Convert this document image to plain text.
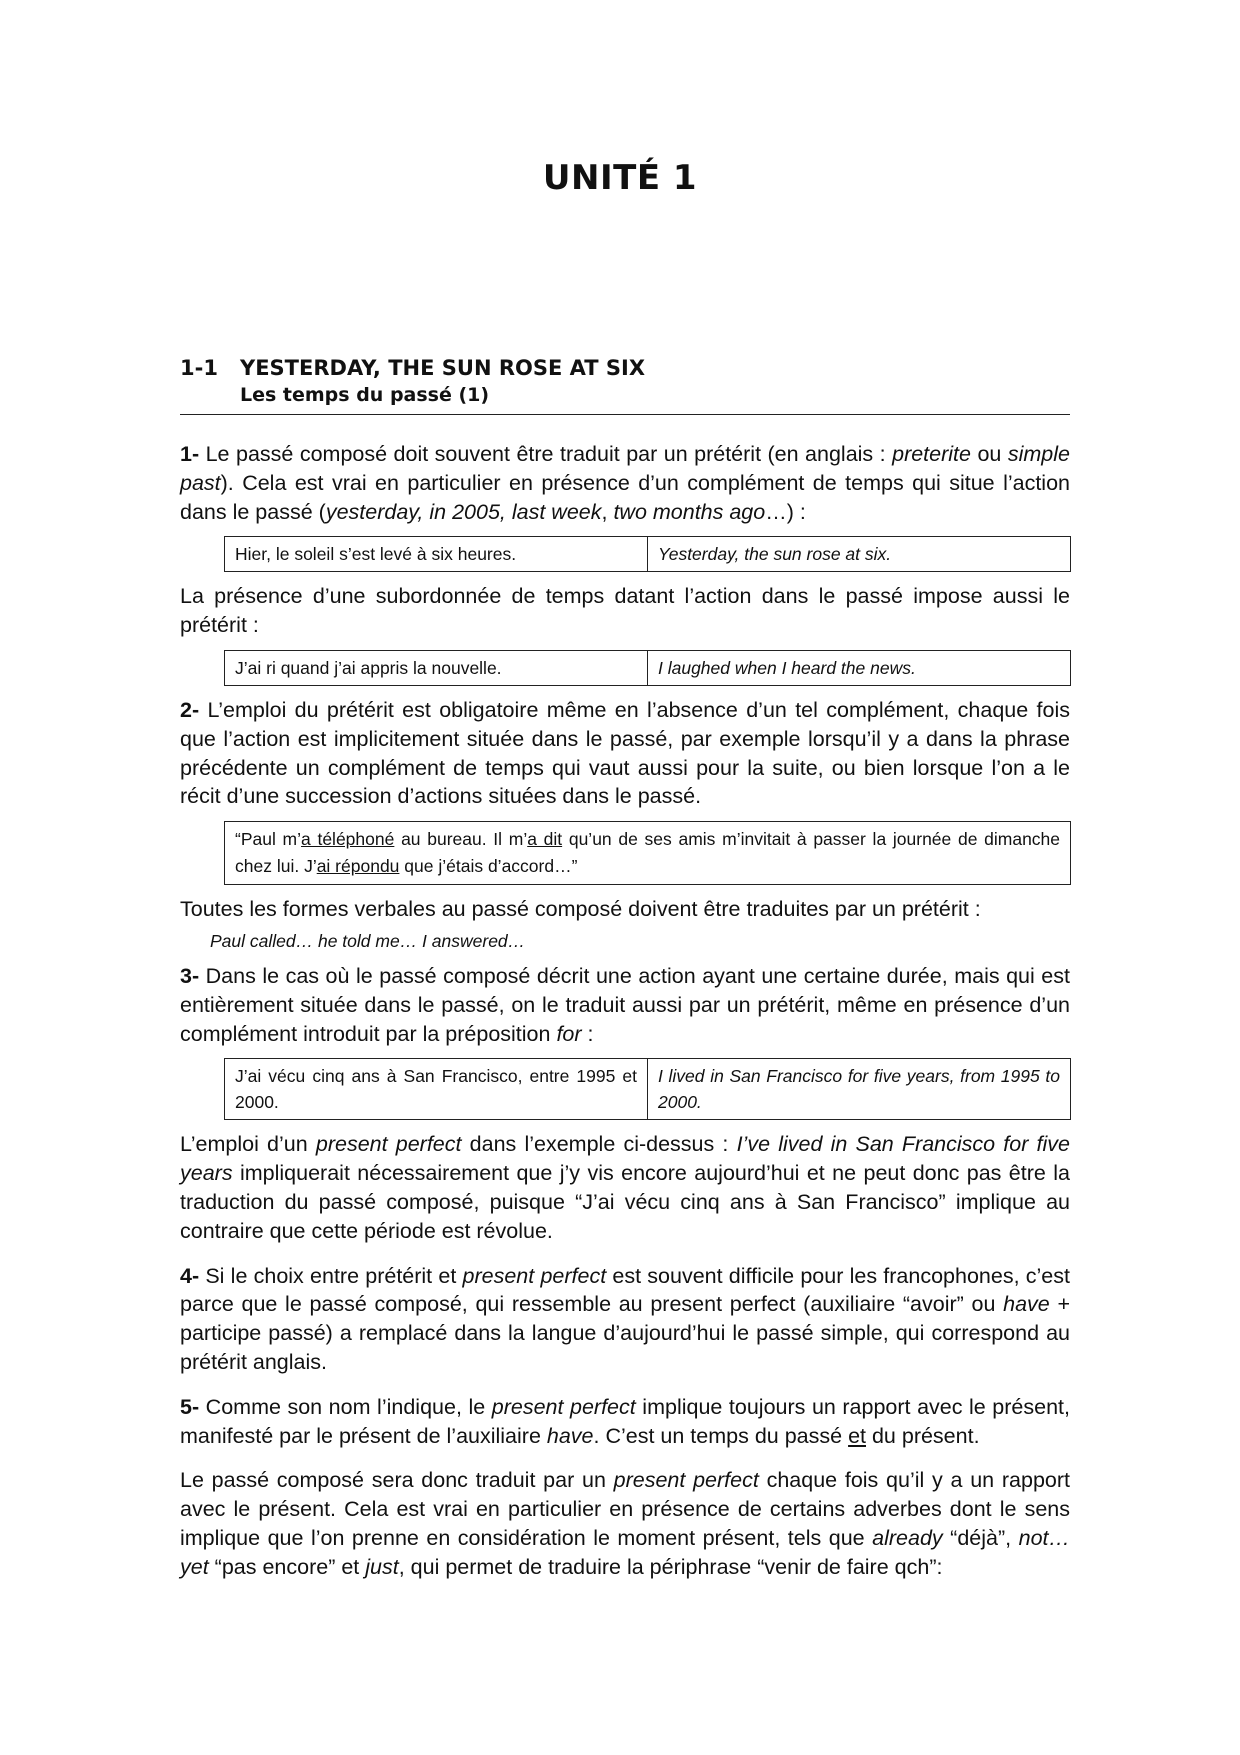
UNITÉ 1
1-1	YESTERDAY, THE SUN ROSE AT SIX
Les temps du passé (1)

1- Le passé composé doit souvent être traduit par un prétérit (en anglais : preterite ou simple past). Cela est vrai en particulier en présence d’un complément de temps qui situe l’action dans le passé (yesterday, in 2005, last week, two months ago…) :

Hier, le soleil s’est levé à six heures.	Yesterday, the sun rose at six.

La présence d’une subordonnée de temps datant l’action dans le passé impose aussi le prétérit :

J’ai ri quand j’ai appris la nouvelle.	I laughed when I heard the news.

2- L’emploi du prétérit est obligatoire même en l’absence d’un tel complément, chaque fois que l’action est implicitement située dans le passé, par exemple lorsqu’il y a dans la phrase précédente un complément de temps qui vaut aussi pour la suite, ou bien lorsque l’on a le récit d’une succession d’actions situées dans le passé.

“Paul m’a téléphoné au bureau. Il m’a dit qu’un de ses amis m’invitait à passer la journée de dimanche chez lui. J’ai répondu que j’étais d’accord…”

Toutes les formes verbales au passé composé doivent être traduites par un prétérit :

Paul called… he told me… I answered…

3- Dans le cas où le passé composé décrit une action ayant une certaine durée, mais qui est entièrement située dans le passé, on le traduit aussi par un prétérit, même en présence d’un complément introduit par la préposition for :

J’ai vécu cinq ans à San Francisco, entre 1995 et 2000.	I lived in San Francisco for five years, from 1995 to 2000.

L’emploi d’un present perfect dans l’exemple ci-dessus : I’ve lived in San Francisco for five years impliquerait nécessairement que j’y vis encore aujourd’hui et ne peut donc pas être la traduction du passé composé, puisque “J’ai vécu cinq ans à San Francisco” implique au contraire que cette période est révolue.

4- Si le choix entre prétérit et present perfect est souvent difficile pour les francophones, c’est parce que le passé composé, qui ressemble au present perfect (auxiliaire “avoir” ou have + participe passé) a remplacé dans la langue d’aujourd’hui le passé simple, qui correspond au prétérit anglais.

5- Comme son nom l’indique, le present perfect implique toujours un rapport avec le présent, manifesté par le présent de l’auxiliaire have. C’est un temps du passé et du présent.

Le passé composé sera donc traduit par un present perfect chaque fois qu’il y a un rapport avec le présent. Cela est vrai en particulier en présence de certains adverbes dont le sens implique que l’on prenne en considération le moment présent, tels que already “déjà”, not… yet “pas encore” et just, qui permet de traduire la périphrase “venir de faire qch”:
